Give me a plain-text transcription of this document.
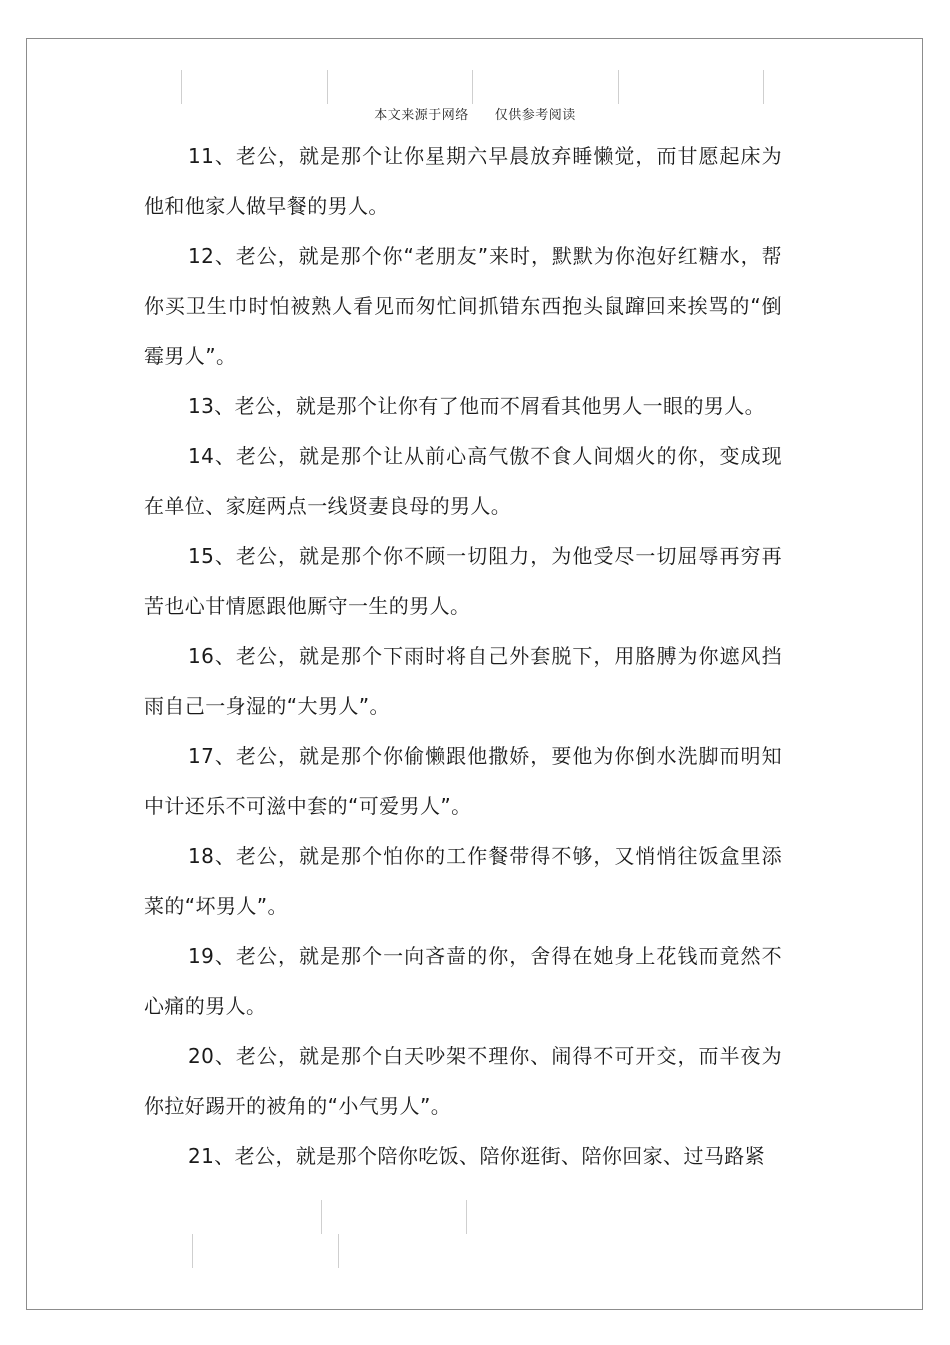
本文来源于网络 仅供参考阅读

11、老公，就是那个让你星期六早晨放弃睡懒觉，而甘愿起床为他和他家人做早餐的男人。

12、老公，就是那个你“老朋友”来时，默默为你泡好红糖水，帮你买卫生巾时怕被熟人看见而匆忙间抓错东西抱头鼠蹿回来挨骂的“倒霉男人”。

13、老公，就是那个让你有了他而不屑看其他男人一眼的男人。

14、老公，就是那个让从前心高气傲不食人间烟火的你，变成现在单位、家庭两点一线贤妻良母的男人。

15、老公，就是那个你不顾一切阻力，为他受尽一切屈辱再穷再苦也心甘情愿跟他厮守一生的男人。

16、老公，就是那个下雨时将自己外套脱下，用胳膊为你遮风挡雨自己一身湿的“大男人”。

17、老公，就是那个你偷懒跟他撒娇，要他为你倒水洗脚而明知中计还乐不可滋中套的“可爱男人”。

18、老公，就是那个怕你的工作餐带得不够，又悄悄往饭盒里添菜的“坏男人”。

19、老公，就是那个一向吝啬的你，舍得在她身上花钱而竟然不心痛的男人。

20、老公，就是那个白天吵架不理你、闹得不可开交，而半夜为你拉好踢开的被角的“小气男人”。

21、老公，就是那个陪你吃饭、陪你逛街、陪你回家、过马路紧
